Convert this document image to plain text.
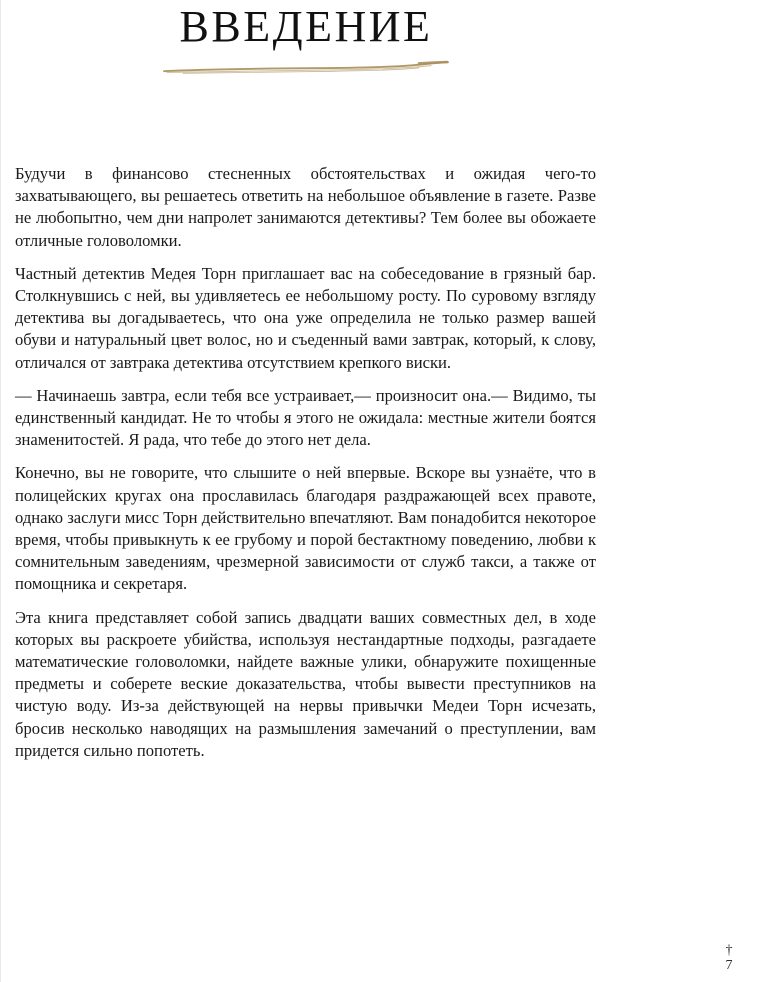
ВВЕДЕНИЕ

Будучи в финансово стесненных обстоятельствах и ожидая чего-то захватывающего, вы решаетесь ответить на небольшое объявление в газете. Разве не любопытно, чем дни напролет занимаются детективы? Тем более вы обожаете отличные головоломки.

Частный детектив Медея Торн приглашает вас на собеседование в грязный бар. Столкнувшись с ней, вы удивляетесь ее небольшому росту. По суровому взгляду детектива вы догадываетесь, что она уже определила не только размер вашей обуви и натуральный цвет волос, но и съеденный вами завтрак, который, к слову, отличался от завтрака детектива отсутствием крепкого виски.

— Начинаешь завтра, если тебя все устраивает,— произносит она.— Видимо, ты единственный кандидат. Не то чтобы я этого не ожидала: местные жители боятся знаменитостей. Я рада, что тебе до этого нет дела.

Конечно, вы не говорите, что слышите о ней впервые. Вскоре вы узнаёте, что в полицейских кругах она прославилась благодаря раздражающей всех правоте, однако заслуги мисс Торн действительно впечатляют. Вам понадобится некоторое время, чтобы привыкнуть к ее грубому и порой бестактному поведению, любви к сомнительным заведениям, чрезмерной зависимости от служб такси, а также от помощника и секретаря.

Эта книга представляет собой запись двадцати ваших совместных дел, в ходе которых вы раскроете убийства, используя нестандартные подходы, разгадаете математические головоломки, найдете важные улики, обнаружите похищенные предметы и соберете веские доказательства, чтобы вывести преступников на чистую воду. Из-за действующей на нервы привычки Медеи Торн исчезать, бросив несколько наводящих на размышления замечаний о преступлении, вам придется сильно попотеть.

†
7
